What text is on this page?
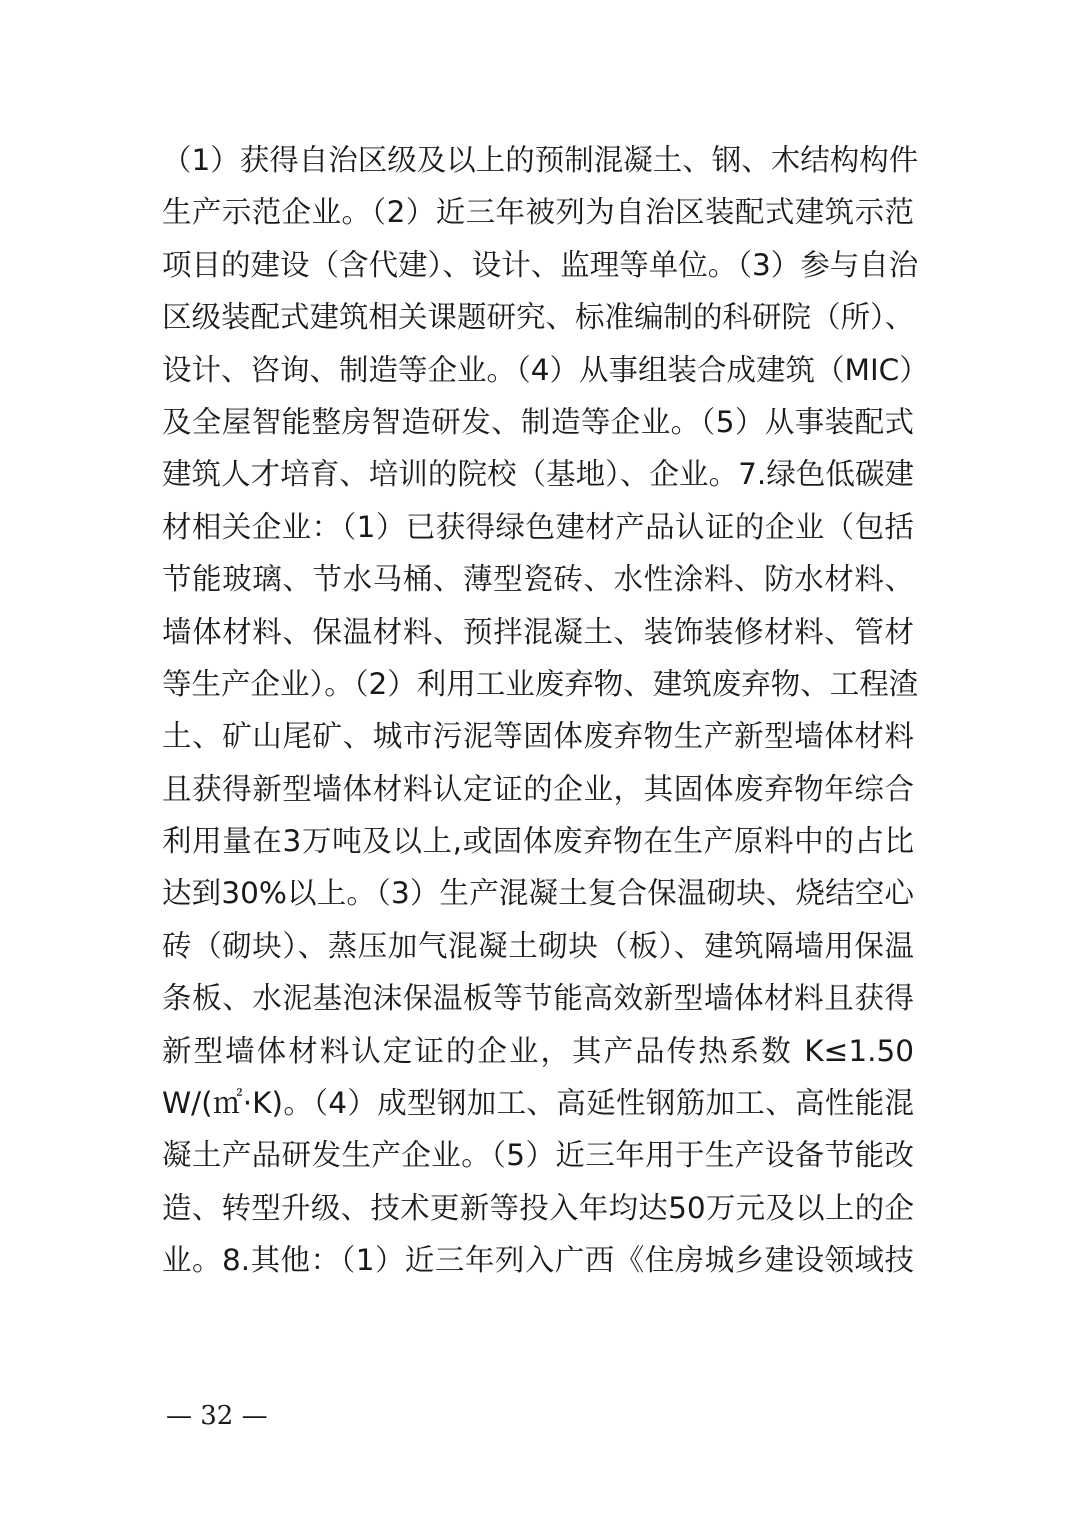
（1）获得自治区级及以上的预制混凝土、钢、木结构构件
生产示范企业。（2）近三年被列为自治区装配式建筑示范
项目的建设（含代建）、设计、监理等单位。（3）参与自治
区级装配式建筑相关课题研究、标准编制的科研院（所）、
设计、咨询、制造等企业。（4）从事组装合成建筑（MIC）
及全屋智能整房智造研发、制造等企业。（5）从事装配式
建筑人才培育、培训的院校（基地）、企业。7.绿色低碳建
材相关企业：（1）已获得绿色建材产品认证的企业（包括
节能玻璃、节水马桶、薄型瓷砖、水性涂料、防水材料、
墙体材料、保温材料、预拌混凝土、装饰装修材料、管材
等生产企业）。（2）利用工业废弃物、建筑废弃物、工程渣
土、矿山尾矿、城市污泥等固体废弃物生产新型墙体材料
且获得新型墙体材料认定证的企业，其固体废弃物年综合
利用量在3万吨及以上,或固体废弃物在生产原料中的占比
达到30%以上。（3）生产混凝土复合保温砌块、烧结空心
砖（砌块）、蒸压加气混凝土砌块（板）、建筑隔墙用保温
条板、水泥基泡沫保温板等节能高效新型墙体材料且获得
新型墙体材料认定证的企业，其产品传热系数 K≤1.50
W/(㎡·K)。（4）成型钢加工、高延性钢筋加工、高性能混
凝土产品研发生产企业。（5）近三年用于生产设备节能改
造、转型升级、技术更新等投入年均达50万元及以上的企
业。8.其他：（1）近三年列入广西《住房城乡建设领域技
— 32 —
